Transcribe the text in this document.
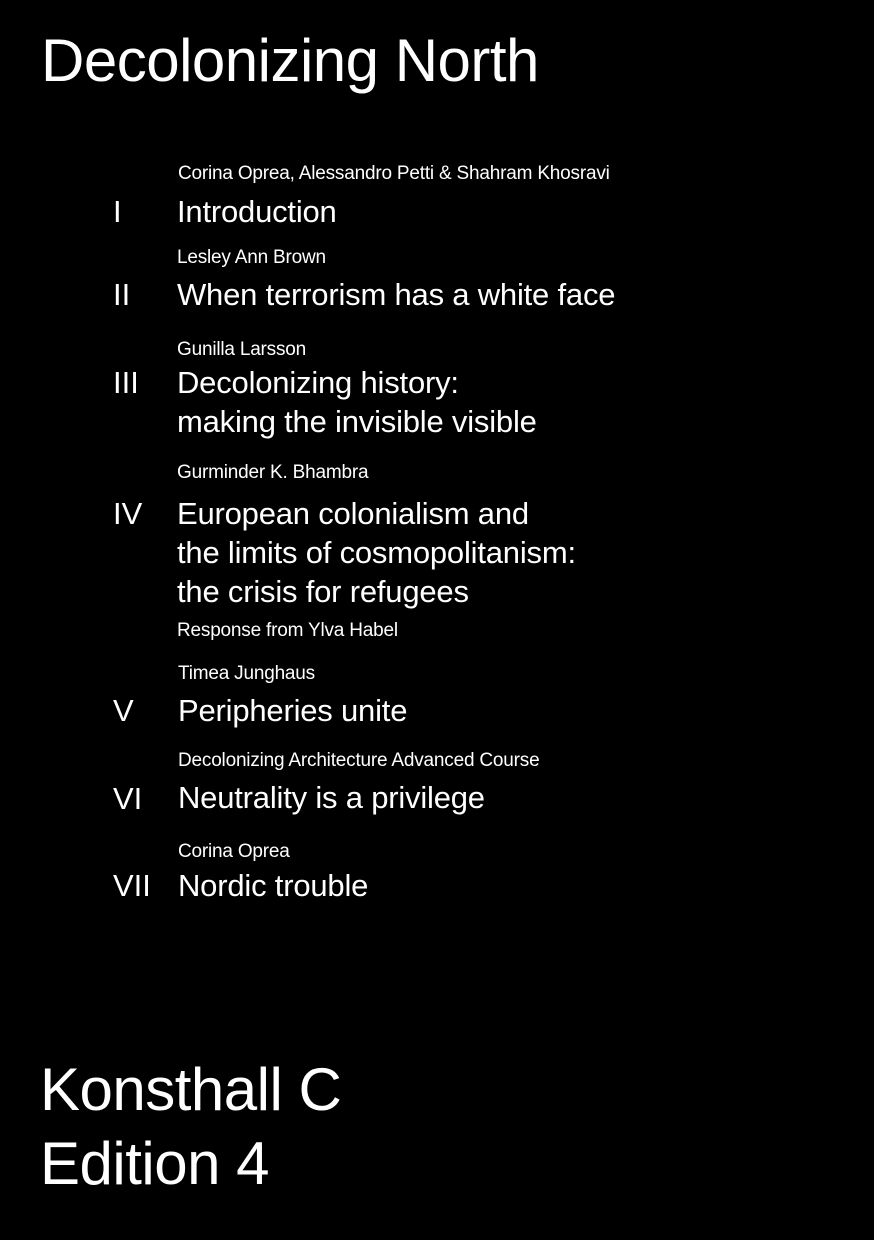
Decolonizing North
Corina Oprea, Alessandro Petti & Shahram Khosravi
I Introduction
Lesley Ann Brown
II When terrorism has a white face
Gunilla Larsson
III Decolonizing history:
making the invisible visible
Gurminder K. Bhambra
IV European colonialism and
the limits of cosmopolitanism:
the crisis for refugees
Response from Ylva Habel
Timea Junghaus
V Peripheries unite
Decolonizing Architecture Advanced Course
VI Neutrality is a privilege
Corina Oprea
VII Nordic trouble
Konsthall C
Edition 4
